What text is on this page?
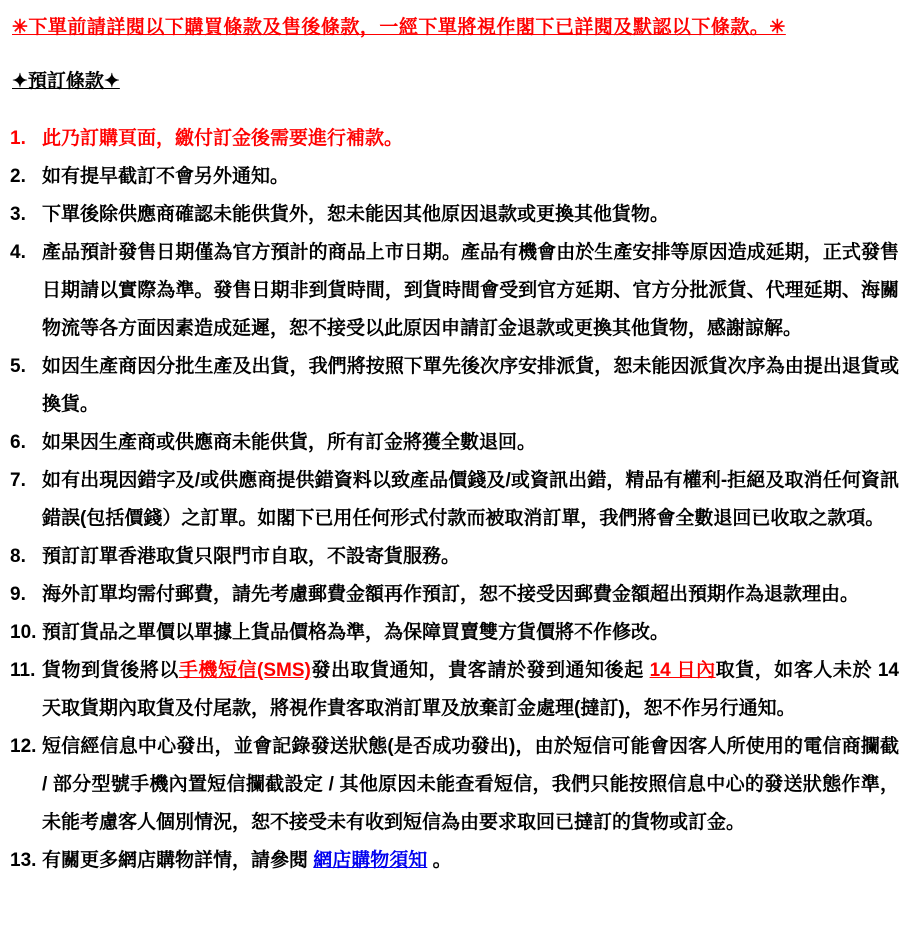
✳下單前請詳閱以下購買條款及售後條款，一經下單將視作閣下已詳閱及默認以下條款。✳
✦預訂條款✦
1. 此乃訂購頁面，繳付訂金後需要進行補款。
2. 如有提早截訂不會另外通知。
3. 下單後除供應商確認未能供貨外，恕未能因其他原因退款或更換其他貨物。
4. 產品預計發售日期僅為官方預計的商品上市日期。產品有機會由於生產安排等原因造成延期，正式發售日期請以實際為準。發售日期非到貨時間，到貨時間會受到官方延期、官方分批派貨、代理延期、海關物流等各方面因素造成延遲，恕不接受以此原因申請訂金退款或更換其他貨物，感謝諒解。
5. 如因生產商因分批生產及出貨，我們將按照下單先後次序安排派貨，恕未能因派貨次序為由提出退貨或換貨。
6. 如果因生產商或供應商未能供貨，所有訂金將獲全數退回。
7. 如有出現因錯字及/或供應商提供錯資料以致產品價錢及/或資訊出錯，精品有權利-拒絕及取消任何資訊錯誤(包括價錢）之訂單。如閣下已用任何形式付款而被取消訂單，我們將會全數退回已收取之款項。
8. 預訂訂單香港取貨只限門市自取，不設寄貨服務。
9. 海外訂單均需付郵費，請先考慮郵費金額再作預訂，恕不接受因郵費金額超出預期作為退款理由。
10. 預訂貨品之單價以單據上貨品價格為準，為保障買賣雙方貨價將不作修改。
11. 貨物到貨後將以手機短信(SMS)發出取貨通知，貴客請於發到通知後起 14 日內取貨，如客人未於 14 天取貨期內取貨及付尾款，將視作貴客取消訂單及放棄訂金處理(撻訂)，恕不作另行通知。
12. 短信經信息中心發出，並會記錄發送狀態(是否成功發出)，由於短信可能會因客人所使用的電信商攔截 / 部分型號手機內置短信攔截設定 / 其他原因未能查看短信，我們只能按照信息中心的發送狀態作準，未能考慮客人個別情況，恕不接受未有收到短信為由要求取回已撻訂的貨物或訂金。
13. 有關更多網店購物詳情，請參閱 網店購物須知 。
